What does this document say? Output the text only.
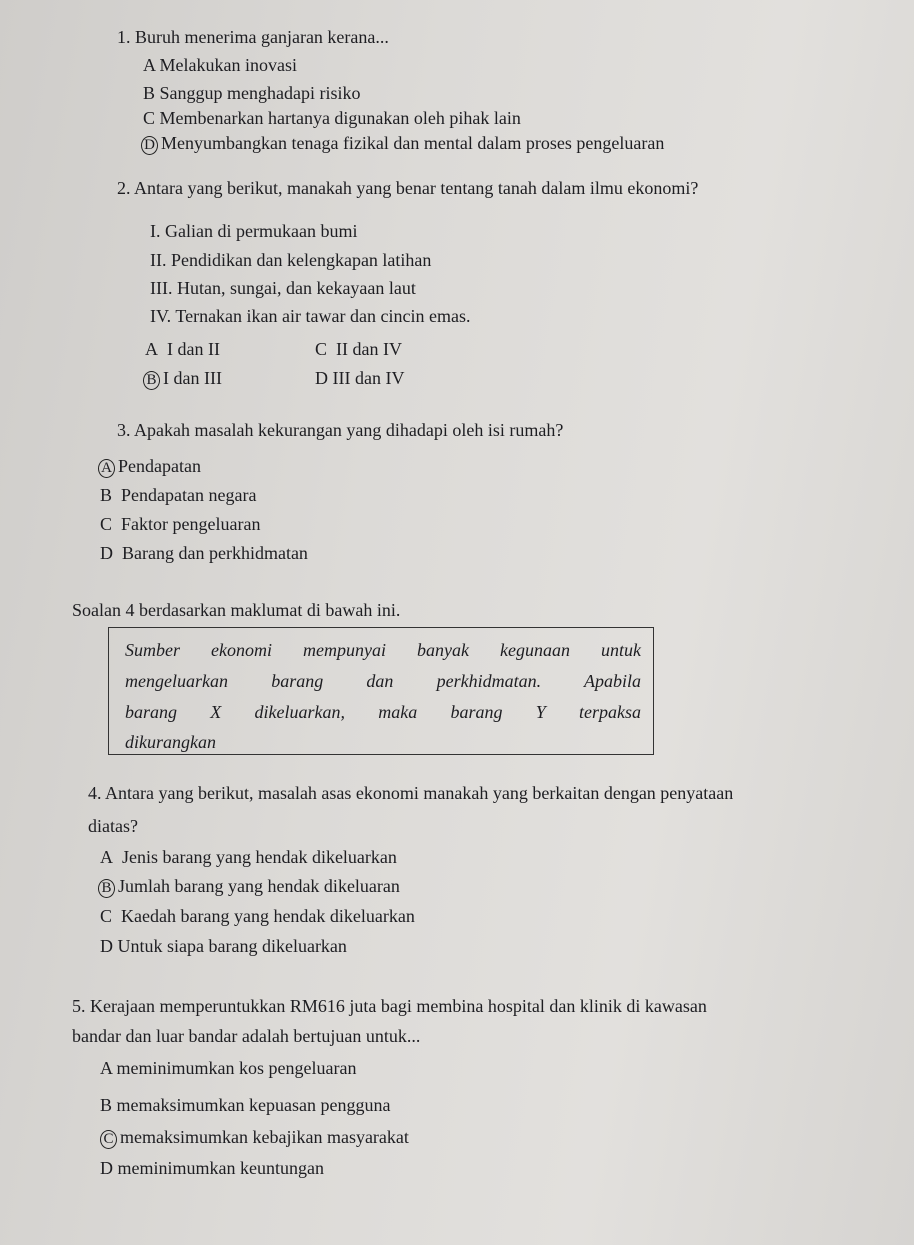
1. Buruh menerima ganjaran kerana...
A Melakukan inovasi
B Sanggup menghadapi risiko
C Membenarkan hartanya digunakan oleh pihak lain
D Menyumbangkan tenaga fizikal dan mental dalam proses pengeluaran
2. Antara yang berikut, manakah yang benar tentang tanah dalam ilmu ekonomi?
I. Galian di permukaan bumi
II. Pendidikan dan kelengkapan latihan
III. Hutan, sungai, dan kekayaan laut
IV. Ternakan ikan air tawar dan cincin emas.
A I dan II	C II dan IV
B I dan III	D III dan IV
3. Apakah masalah kekurangan yang dihadapi oleh isi rumah?
A Pendapatan
B Pendapatan negara
C Faktor pengeluaran
D Barang dan perkhidmatan
Soalan 4 berdasarkan maklumat di bawah ini.
Sumber ekonomi mempunyai banyak kegunaan untuk
mengeluarkan barang dan perkhidmatan. Apabila
barang X dikeluarkan, maka barang Y terpaksa
dikurangkan
4. Antara yang berikut, masalah asas ekonomi manakah yang berkaitan dengan penyataan
diatas?
A Jenis barang yang hendak dikeluarkan
B Jumlah barang yang hendak dikeluaran
C Kaedah barang yang hendak dikeluarkan
D Untuk siapa barang dikeluarkan
5. Kerajaan memperuntukkan RM616 juta bagi membina hospital dan klinik di kawasan
bandar dan luar bandar adalah bertujuan untuk...
A meminimumkan kos pengeluaran
B memaksimumkan kepuasan pengguna
C memaksimumkan kebajikan masyarakat
D meminimumkan keuntungan
